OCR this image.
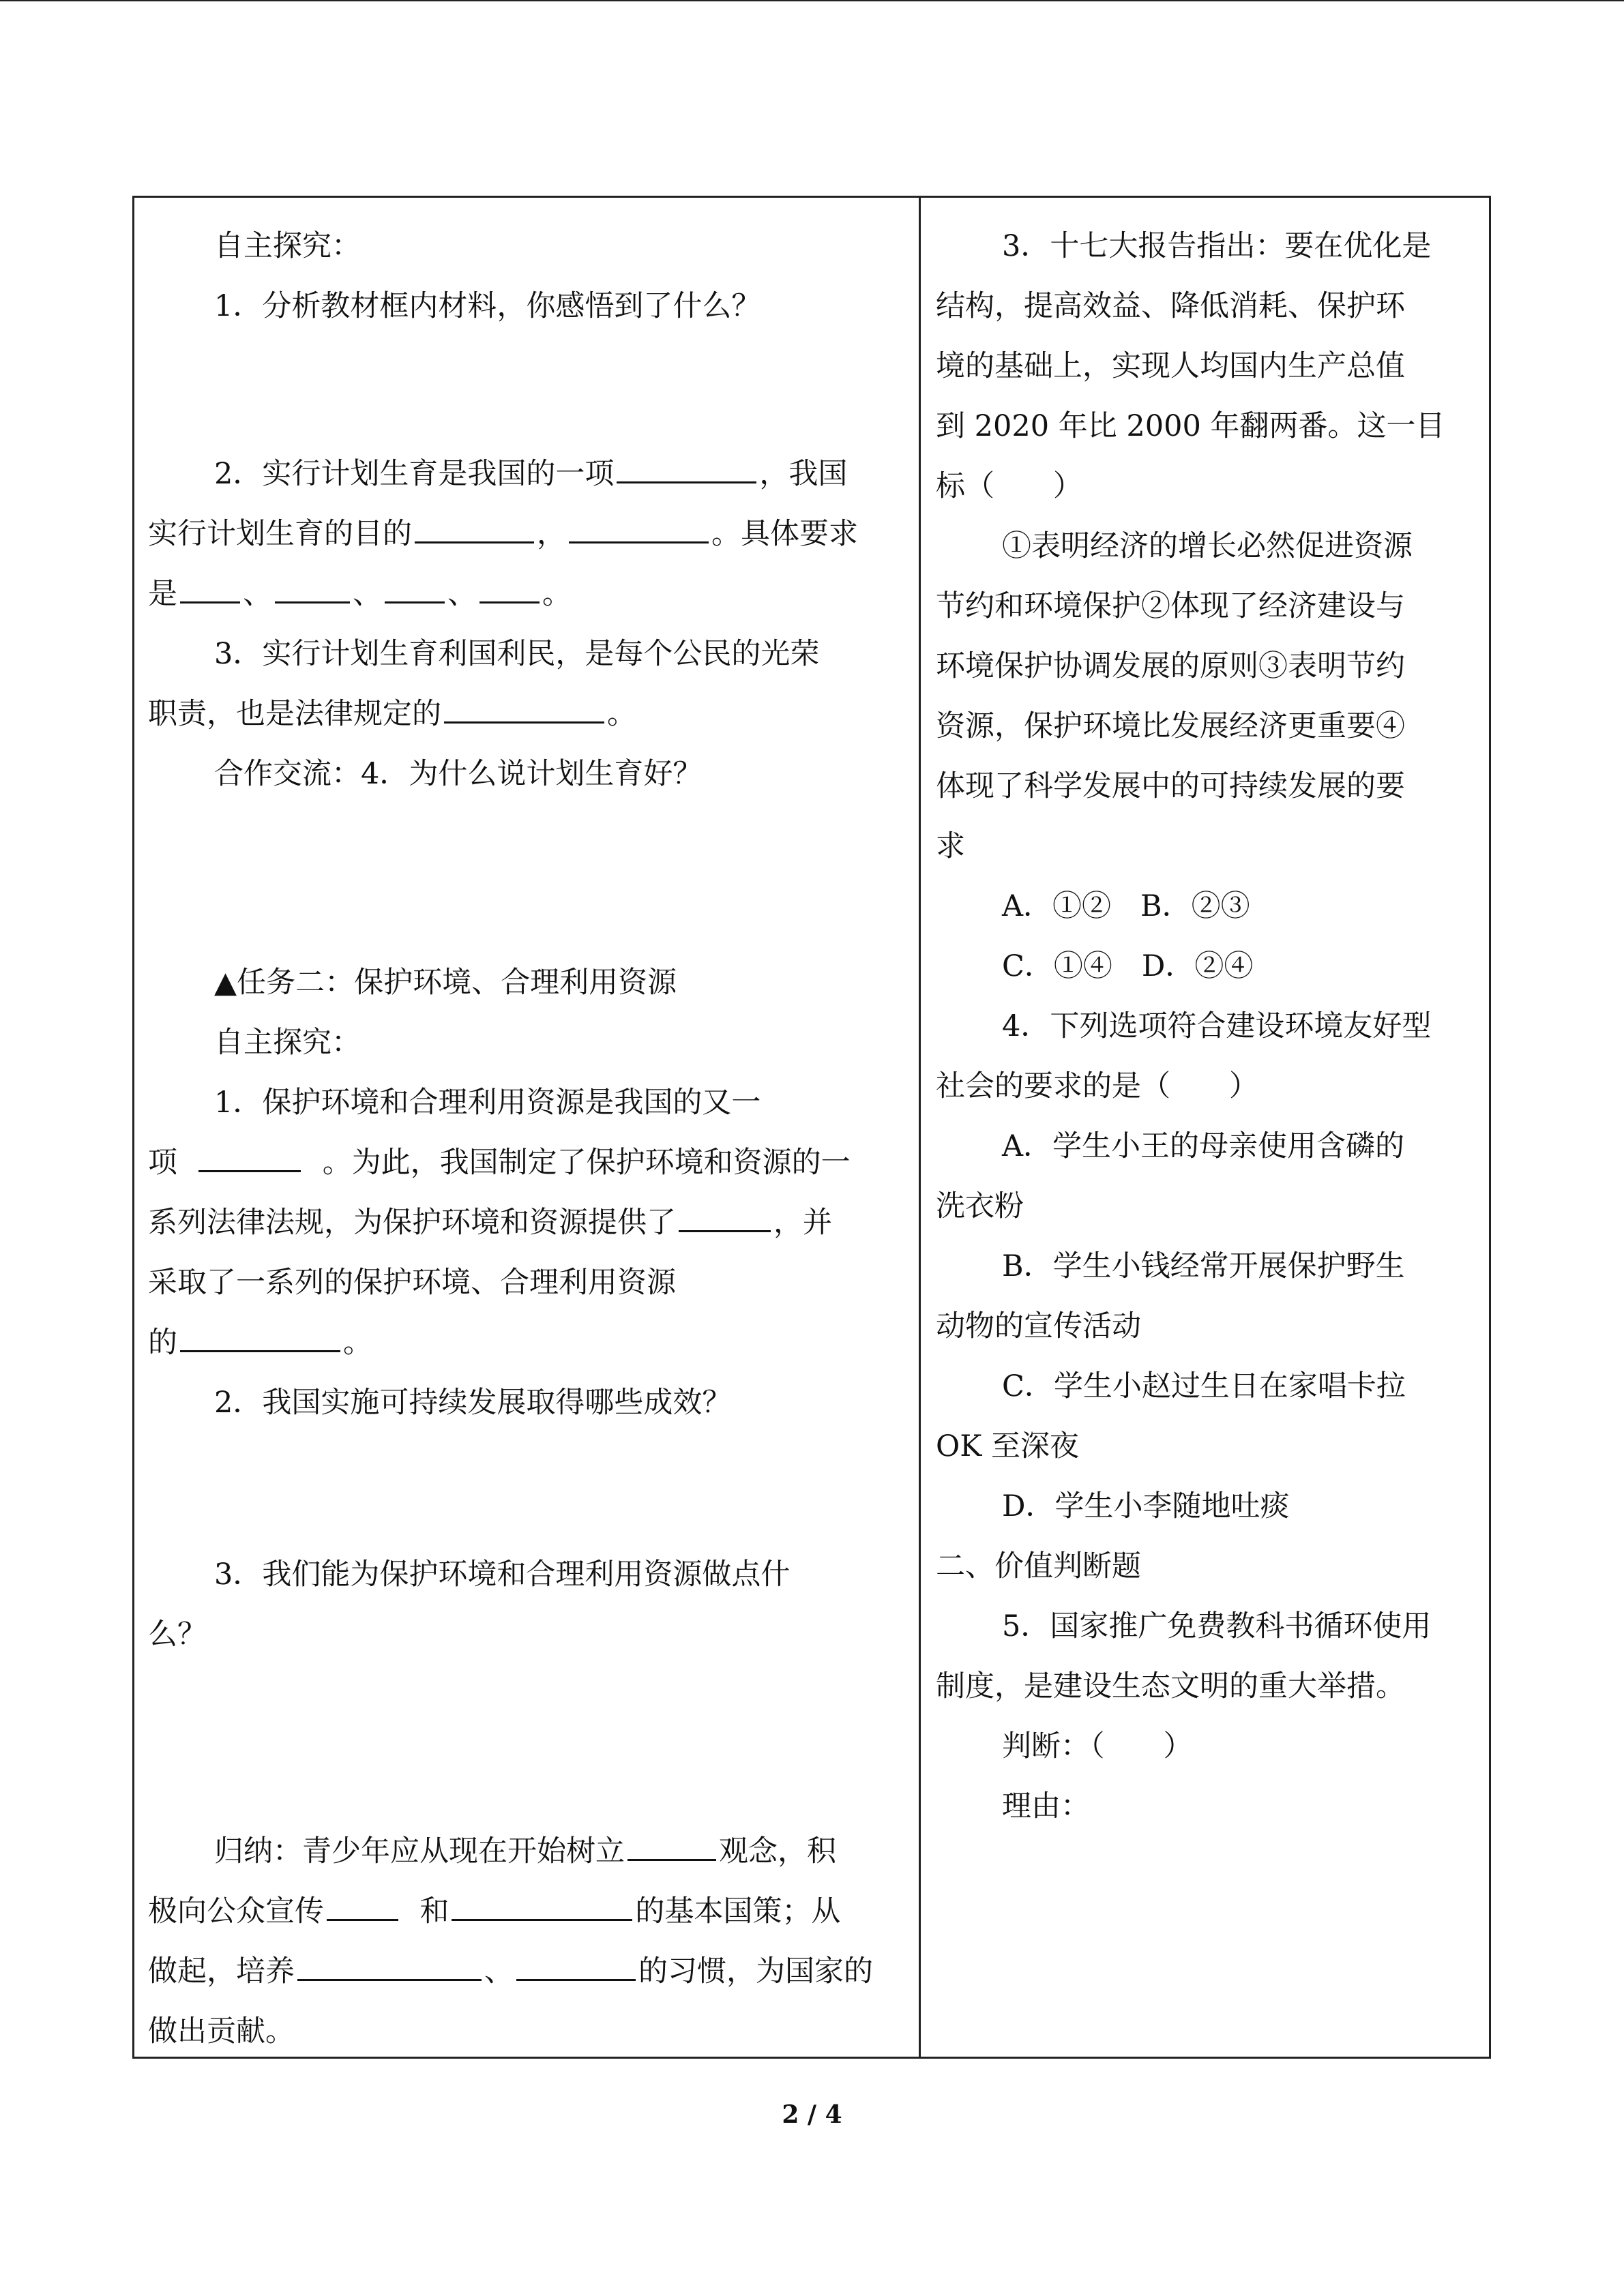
自主探究：
1．分析教材框内材料，你感悟到了什么？
2．实行计划生育是我国的一项	，我国
实行计划生育的目的	，	。具体要求
是 、	、 、 。
3．实行计划生育利国利民，是每个公民的光荣
职责，也是法律规定的	。
合作交流：4．为什么说计划生育好？
▲任务二：保护环境、合理利用资源
自主探究：
1．保护环境和合理利用资源是我国的又一
项	。为此，我国制定了保护环境和资源的一
系列法律法规，为保护环境和资源提供了	，并
采取了一系列的保护环境、合理利用资源
的	。
2．我国实施可持续发展取得哪些成效？
3．我们能为保护环境和合理利用资源做点什
么？
归纳：青少年应从现在开始树立	观念，积
极向公众宣传	和	的基本国策；从
做起，培养	、	的习惯，为国家的
做出贡献。
3．十七大报告指出：要在优化是
结构，提高效益、降低消耗、保护环
境的基础上，实现人均国内生产总值
到 2020 年比 2000 年翻两番。这一目
标（　　）
①表明经济的增长必然促进资源
节约和环境保护②体现了经济建设与
环境保护协调发展的原则③表明节约
资源，保护环境比发展经济更重要④
体现了科学发展中的可持续发展的要
求
A．①②　B．②③
C．①④　D．②④
4．下列选项符合建设环境友好型
社会的要求的是（　　）
A．学生小王的母亲使用含磷的
洗衣粉
B．学生小钱经常开展保护野生
动物的宣传活动
C．学生小赵过生日在家唱卡拉
OK 至深夜
D．学生小李随地吐痰
二、价值判断题
5．国家推广免费教科书循环使用
制度，是建设生态文明的重大举措。
判断：（　　）
理由：
2 / 4
